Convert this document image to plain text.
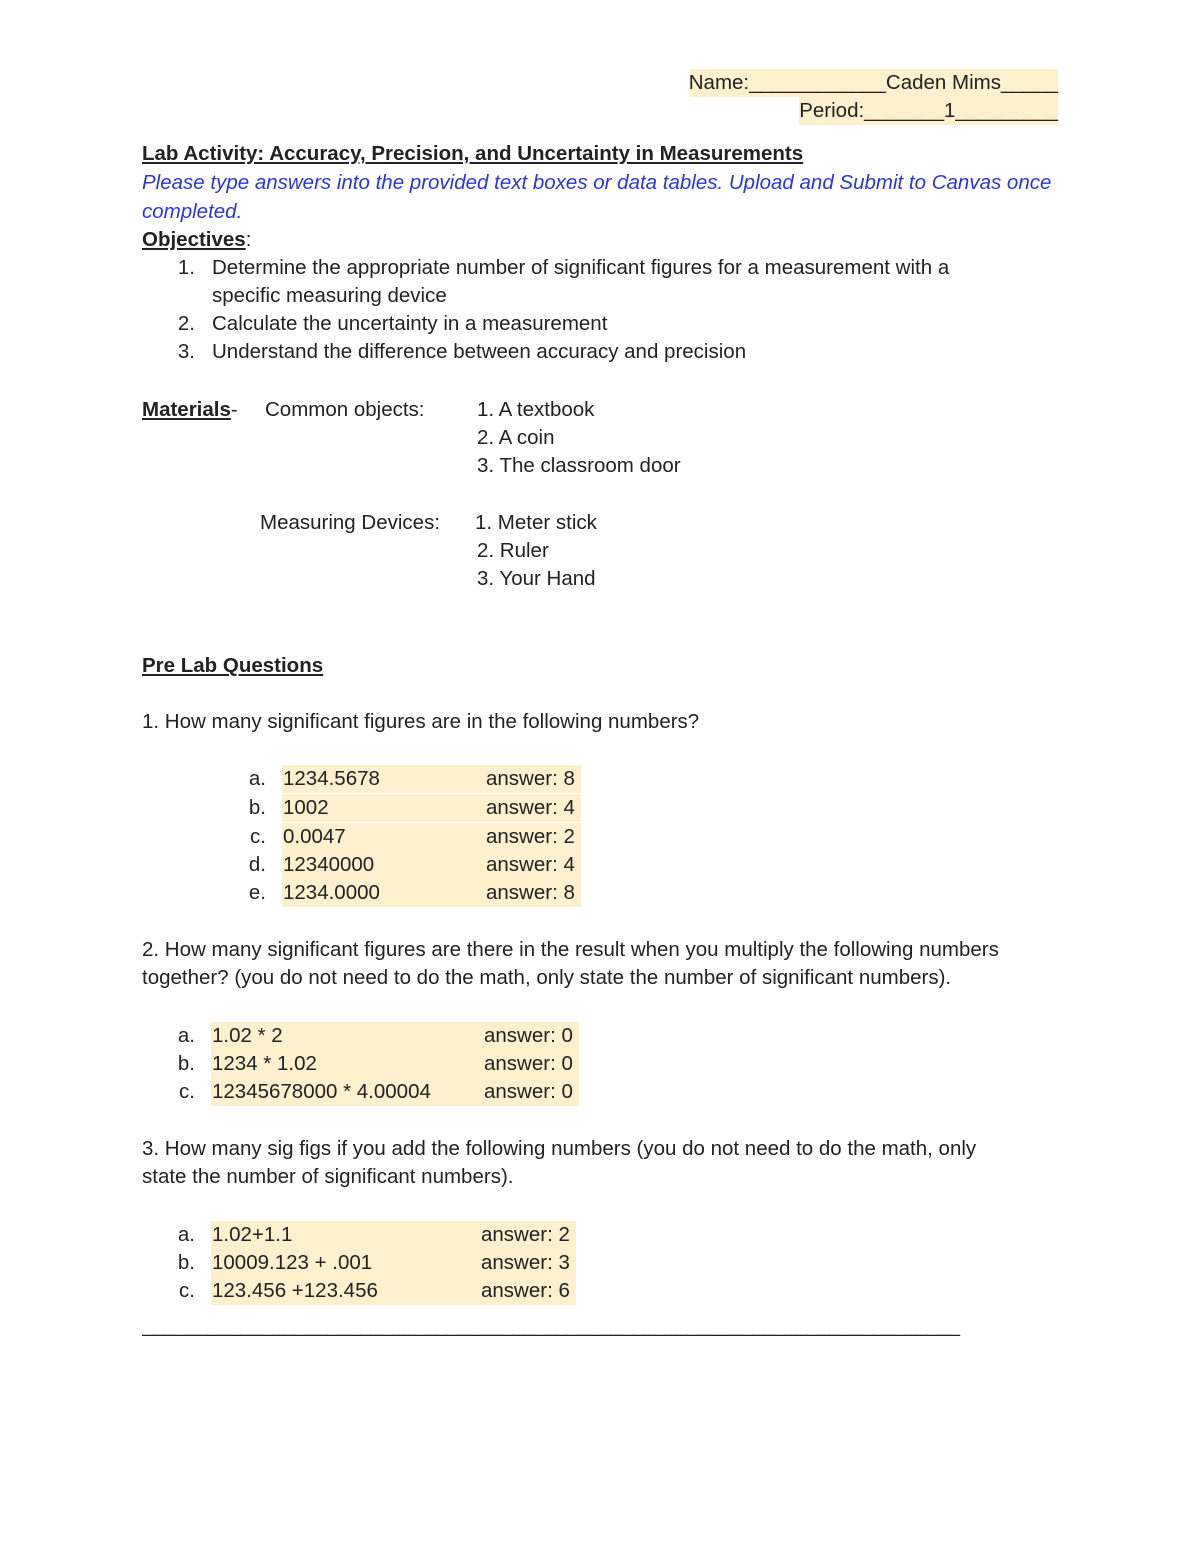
Name:____________Caden Mims_____
Period:_______1_________
Lab Activity: Accuracy, Precision, and Uncertainty in Measurements
Please type answers into the provided text boxes or data tables. Upload and Submit to Canvas once completed.
Objectives:
1. Determine the appropriate number of significant figures for a measurement with a
specific measuring device
2. Calculate the uncertainty in a measurement
3. Understand the difference between accuracy and precision
Materials- Common objects:	1. A textbook
2. A coin
3. The classroom door
Measuring Devices: 1. Meter stick
2. Ruler
3. Your Hand
Pre Lab Questions
1. How many significant figures are in the following numbers?
a. 1234.5678	answer: 8
b. 1002	answer: 4
c. 0.0047	answer: 2
d. 12340000	answer: 4
e. 1234.0000	answer: 8
2. How many significant figures are there in the result when you multiply the following numbers
together? (you do not need to do the math, only state the number of significant numbers).
a. 1.02 * 2	answer: 0
b. 1234 * 1.02	answer: 0
c. 12345678000 * 4.00004	answer: 0
3. How many sig figs if you add the following numbers (you do not need to do the math, only
state the number of significant numbers).
a. 1.02+1.1	answer: 2
b. 10009.123 + .001	answer: 3
c. 123.456 +123.456	answer: 6
___________________________________________________________________________
